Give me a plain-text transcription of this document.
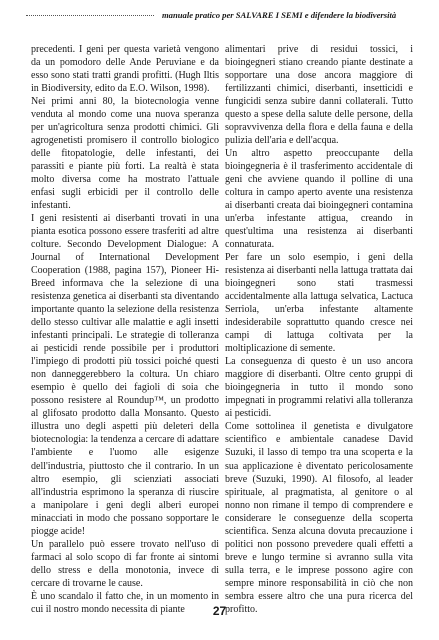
manuale pratico per SALVARE I SEMI e difendere la biodiversità

precedenti. I geni per questa varietà vengono da un pomodoro delle Ande Peruviane e da esso sono stati tratti grandi profitti. (Hugh Iltis in Biodiversity, edito da E.O. Wilson, 1998).

Nei primi anni 80, la biotecnologia venne venduta al mondo come una nuova speranza per un'agricoltura senza prodotti chimici. Gli agrogenetisti promisero il controllo biologico delle fitopatologie, delle infestanti, dei parassiti e piante più forti. La realtà è stata molto diversa come ha mostrato l'attuale enfasi sugli erbicidi per il controllo delle infestanti.

I geni resistenti ai diserbanti trovati in una pianta esotica possono essere trasferiti ad altre colture. Secondo Development Dialogue: A Journal of International Development Cooperation (1988, pagina 157), Pioneer Hi-Breed informava che la selezione di una resistenza genetica ai diserbanti sta diventando importante quanto la selezione della resistenza dello stesso cultivar alle malattie e agli insetti infestanti principali. Le strategie di tolleranza ai pesticidi rende possibile per i produttori l'impiego di prodotti più tossici poiché questi non danneggerebbero la coltura. Un chiaro esempio è quello dei fagioli di soia che possono resistere al Roundup™, un prodotto al glifosato prodotto dalla Monsanto. Questo illustra uno degli aspetti più deleteri della biotecnologia: la tendenza a cercare di adattare l'ambiente e l'uomo alle esigenze dell'industria, piuttosto che il contrario. In un altro esempio, gli scienziati associati all'industria esprimono la speranza di riuscire a manipolare i geni degli alberi europei minacciati in modo che possano sopportare le piogge acide!

Un parallelo può essere trovato nell'uso di farmaci al solo scopo di far fronte ai sintomi dello stress e della monotonia, invece di cercare di trovarne le cause.

È uno scandalo il fatto che, in un momento in cui il nostro mondo necessita di piante

alimentari prive di residui tossici, i bioingegneri stiano creando piante destinate a sopportare una dose ancora maggiore di fertilizzanti chimici, diserbanti, insetticidi e fungicidi senza subire danni collaterali. Tutto questo a spese della salute delle persone, della sopravvivenza della flora e della fauna e della pulizia dell'aria e dell'acqua.

Un altro aspetto preoccupante della bioingegneria è il trasferimento accidentale di geni che avviene quando il polline di una coltura in campo aperto avente una resistenza ai diserbanti creata dai bioingegneri contamina un'erba infestante attigua, creando in quest'ultima una resistenza ai diserbanti connaturata.

Per fare un solo esempio, i geni della resistenza ai diserbanti nella lattuga trattata dai bioingegneri sono stati trasmessi accidentalmente alla lattuga selvatica, Lactuca Serriola, un'erba infestante altamente indesiderabile soprattutto quando cresce nei campi di lattuga coltivata per la moltiplicazione di semente.

La conseguenza di questo è un uso ancora maggiore di diserbanti. Oltre cento gruppi di bioingegneria in tutto il mondo sono impegnati in programmi relativi alla tolleranza ai pesticidi.

Come sottolinea il genetista e divulgatore scientifico e ambientale canadese David Suzuki, il lasso di tempo tra una scoperta e la sua applicazione è diventato pericolosamente breve (Suzuki, 1990). Al filosofo, al leader spirituale, al pragmatista, al genitore o al nonno non rimane il tempo di comprendere e considerare le conseguenze della scoperta scientifica. Senza alcuna dovuta precauzione i politici non possono prevedere quali effetti a breve e lungo termine si avranno sulla vita sulla terra, e le imprese possono agire con sempre minore responsabilità in ciò che non sembra essere altro che una pura ricerca del profitto.

27
